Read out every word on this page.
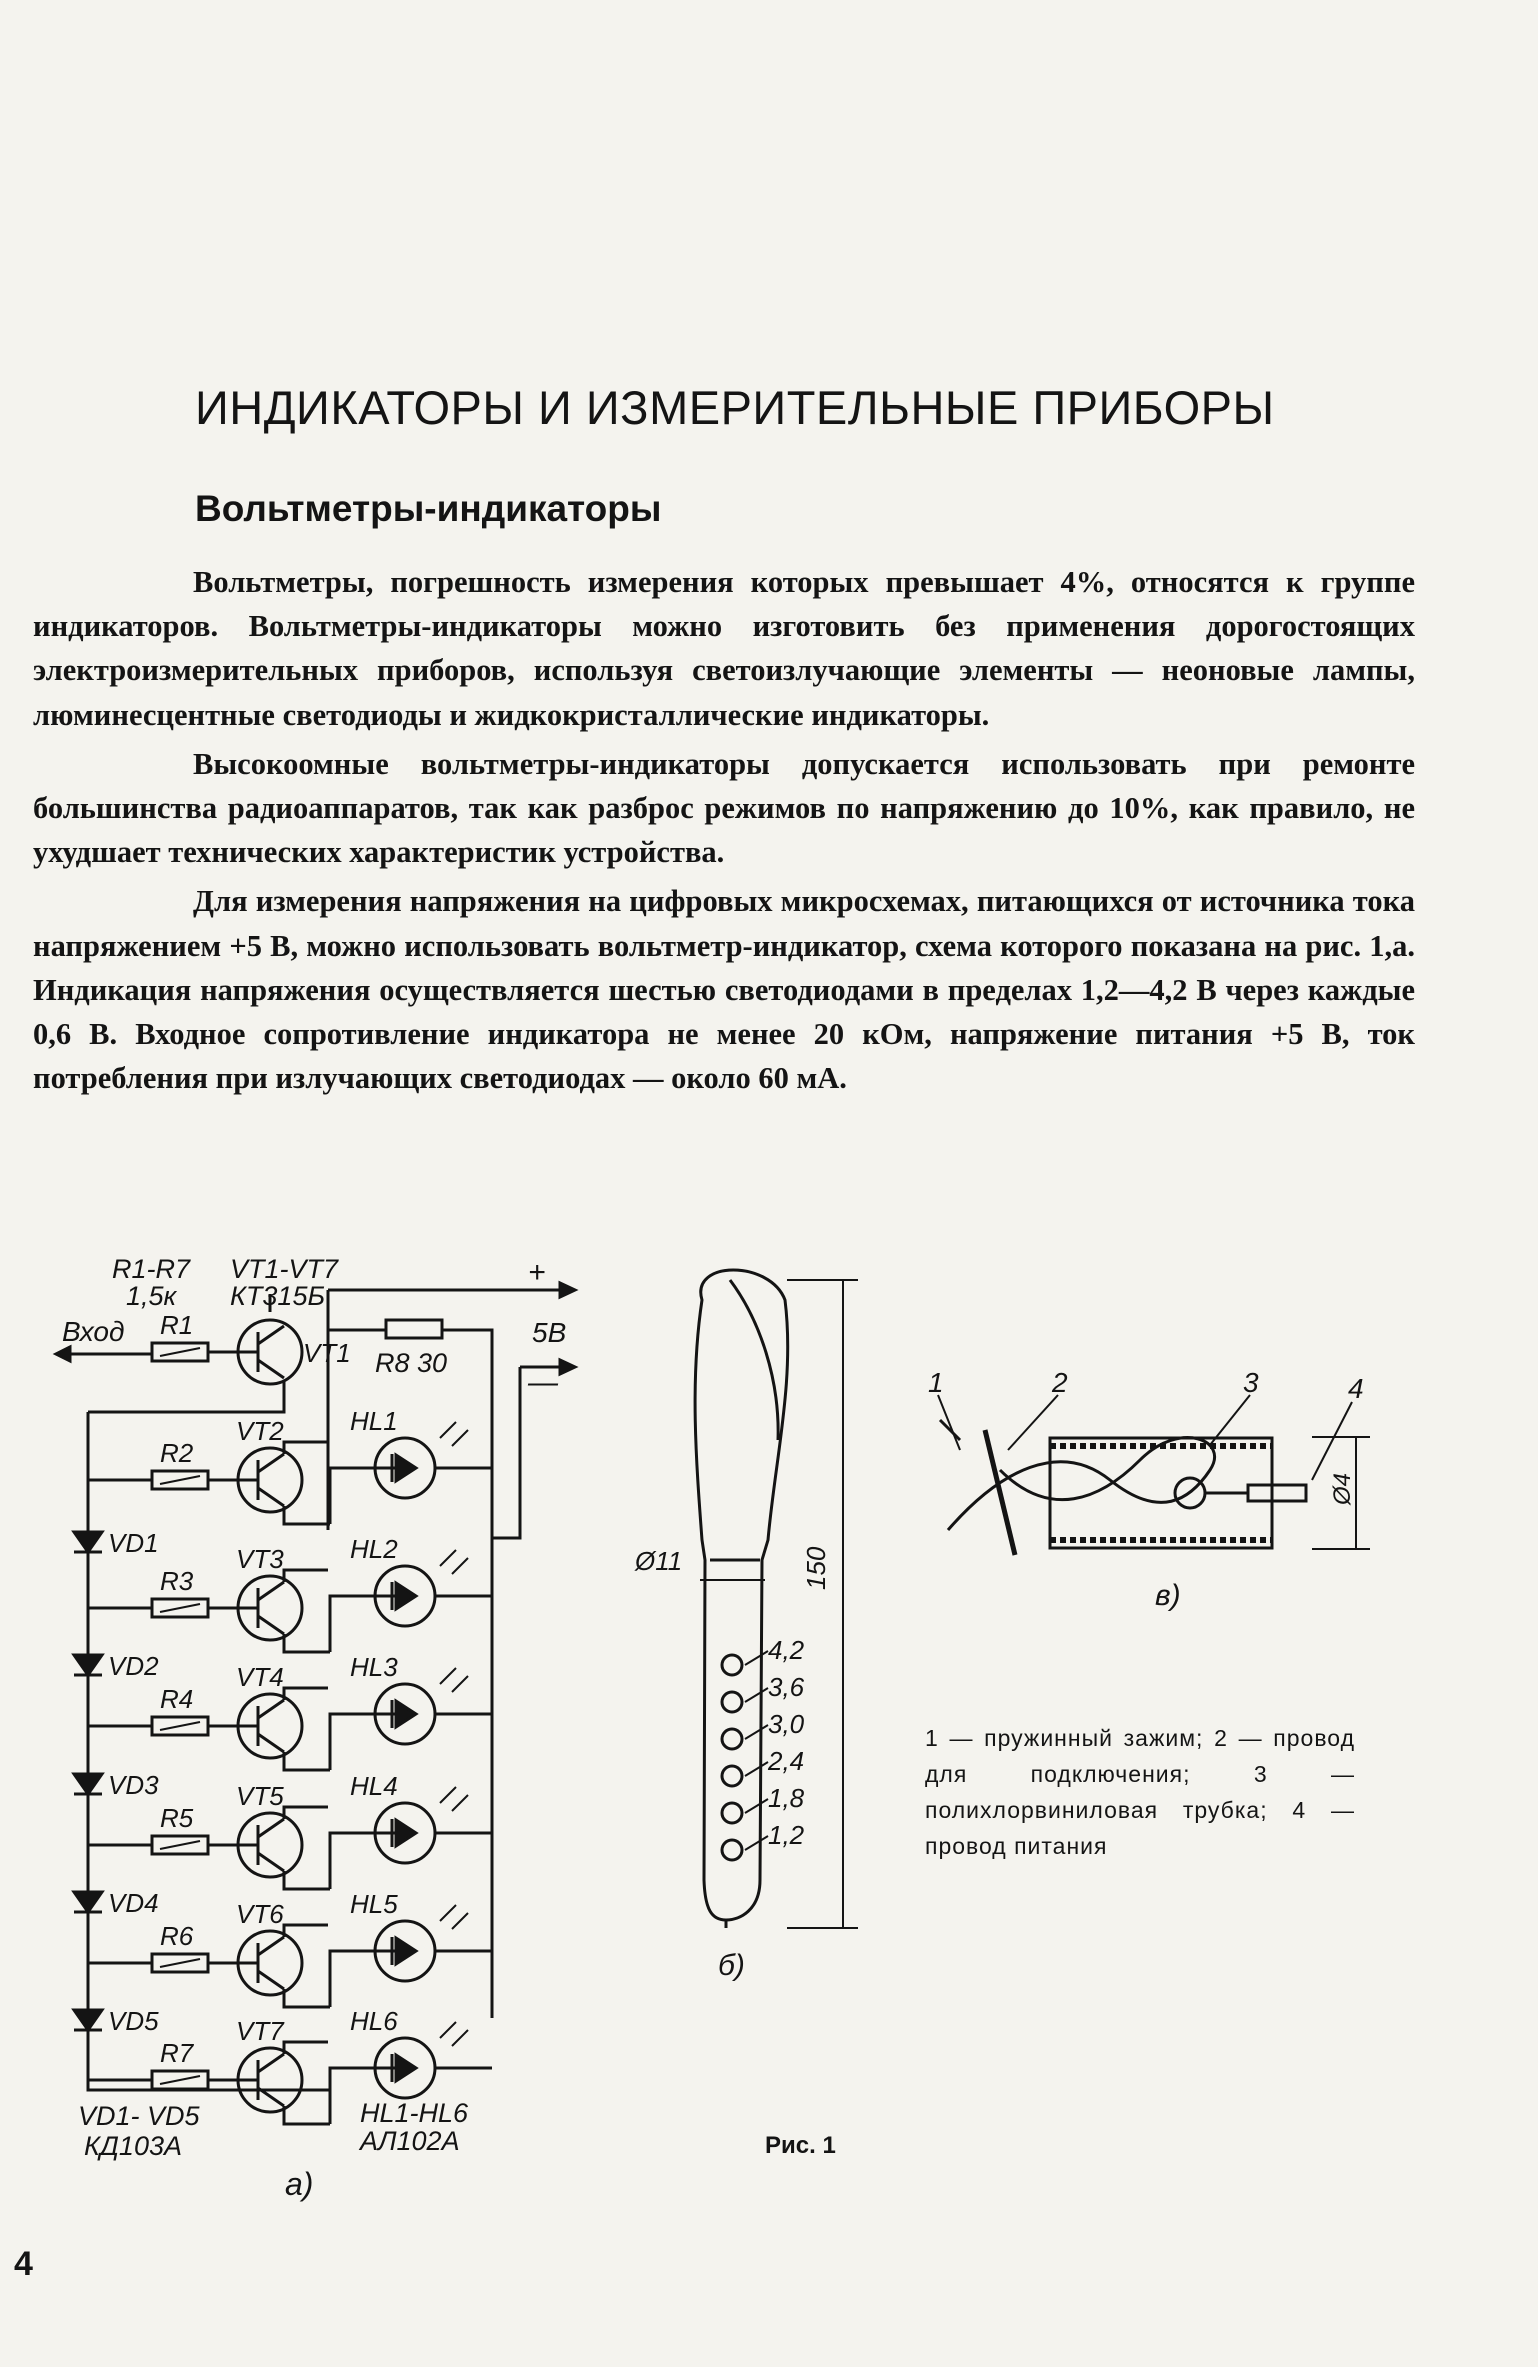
ИНДИКАТОРЫ И ИЗМЕРИТЕЛЬНЫЕ ПРИБОРЫ
Вольтметры-индикаторы

Вольтметры, погрешность измерения которых превышает 4%, относятся к группе индикаторов. Вольтметры-индикаторы можно изготовить без применения дорогостоящих электроизмерительных приборов, используя светоизлучающие элементы — неоновые лампы, люминесцентные светодиоды и жидкокристаллические индикаторы.

Высокоомные вольтметры-индикаторы допускается использовать при ремонте большинства радиоаппаратов, так как разброс режимов по напряжению до 10%, как правило, не ухудшает технических характеристик устройства.

Для измерения напряжения на цифровых микросхемах, питающихся от источника тока напряжением +5 В, можно использовать вольтметр-индикатор, схема которого показана на рис. 1,а. Индикация напряжения осуществляется шестью светодиодами в пределах 1,2—4,2 В через каждые 0,6 В. Входное сопротивление индикатора не менее 20 кОм, напряжение питания +5 В, ток потребления при излучающих светодиодах — около 60 мА.

R1-R7
1,5к
VT1-VT7
КТ315Б
Вход
+
5В
—
R8 30
R1
VT1
R2
VT2	HL1
VD1
R3
VT3	HL2
VD2
R4
VT4	HL3
VD3
R5
VT5	HL4
VD4
R6
VT6	HL5
VD5
R7
VT7	HL6
Ø11	150
4,2
3,6
3,0
2,4
1,8
1,2
б)
Ø4
1	2	3	4
в)
VD1- VD5
КД103А
HL1-HL6
АЛ102А
а)
1 — пружинный зажим; 2 — провод для подключения; 3 — полихлорвиниловая трубка; 4 — провод питания
Рис. 1
4
